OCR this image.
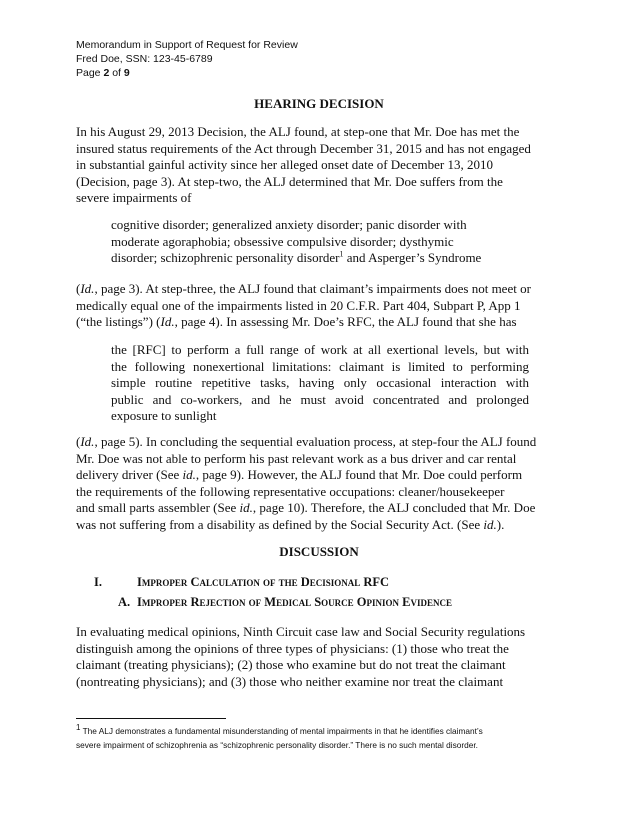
Memorandum in Support of Request for Review
Fred Doe, SSN: 123-45-6789
Page 2 of 9
HEARING DECISION
In his August 29, 2013 Decision, the ALJ found, at step-one that Mr. Doe has met the
insured status requirements of the Act through December 31, 2015 and has not engaged
in substantial gainful activity since her alleged onset date of December 13, 2010
(Decision, page 3). At step-two, the ALJ determined that Mr. Doe suffers from the
severe impairments of
cognitive disorder; generalized anxiety disorder; panic disorder with
moderate agoraphobia; obsessive compulsive disorder; dysthymic
disorder; schizophrenic personality disorder$^1$ and Asperger’s Syndrome
(Id., page 3). At step-three, the ALJ found that claimant’s impairments does not meet or
medically equal one of the impairments listed in 20 C.F.R. Part 404, Subpart P, App 1
(“the listings”) (Id., page 4). In assessing Mr. Doe’s RFC, the ALJ found that she has
the [RFC] to perform a full range of work at all exertional levels, but with
the following nonexertional limitations: claimant is limited to performing
simple routine repetitive tasks, having only occasional interaction with
public and co-workers, and he must avoid concentrated and prolonged
exposure to sunlight
(Id., page 5). In concluding the sequential evaluation process, at step-four the ALJ found
Mr. Doe was not able to perform his past relevant work as a bus driver and car rental
delivery driver (See id., page 9). However, the ALJ found that Mr. Doe could perform
the requirements of the following representative occupations: cleaner/housekeeper
and small parts assembler (See id., page 10). Therefore, the ALJ concluded that Mr. Doe
was not suffering from a disability as defined by the Social Security Act. (See id.).
DISCUSSION
I.	Improper Calculation of the Decisional RFC
A. Improper Rejection of Medical Source Opinion Evidence
In evaluating medical opinions, Ninth Circuit case law and Social Security regulations
distinguish among the opinions of three types of physicians: (1) those who treat the
claimant (treating physicians); (2) those who examine but do not treat the claimant
(nontreating physicians); and (3) those who neither examine nor treat the claimant
$^1$ The ALJ demonstrates a fundamental misunderstanding of mental impairments in that he identifies claimant’s
severe impairment of schizophrenia as “schizophrenic personality disorder.” There is no such mental disorder.
